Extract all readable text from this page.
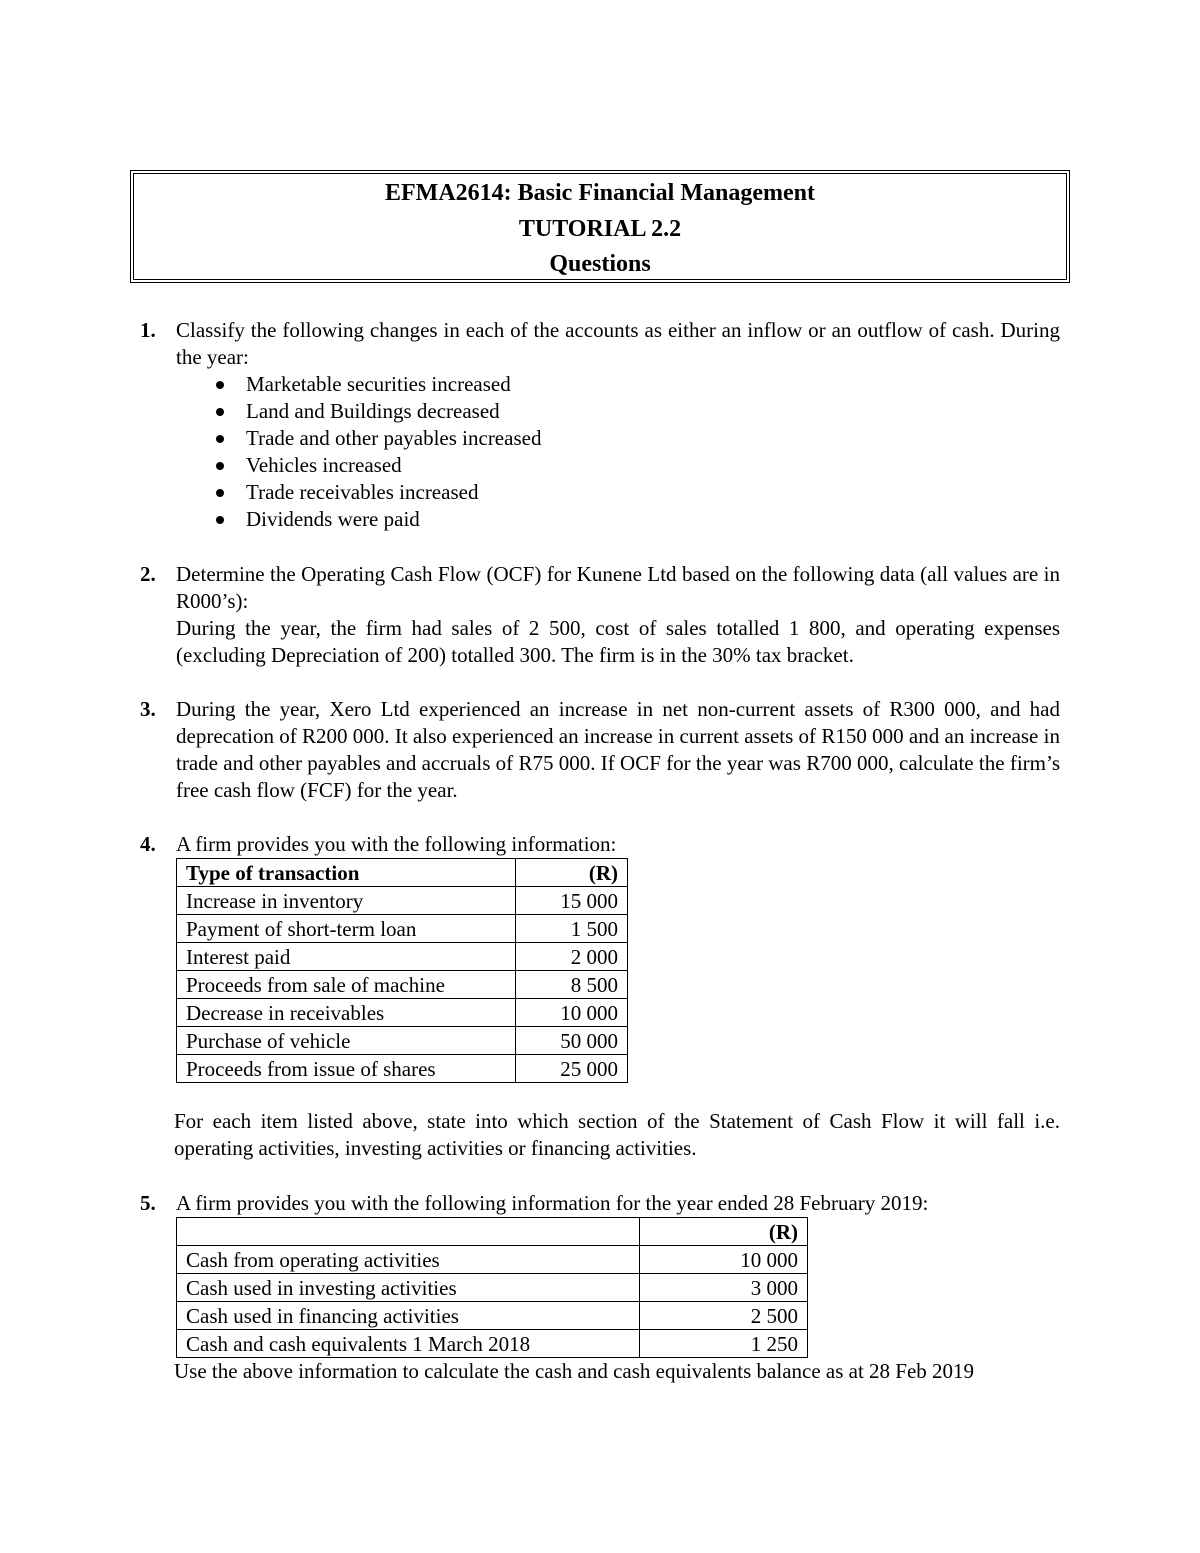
EFMA2614: Basic Financial Management
TUTORIAL 2.2
Questions
1. Classify the following changes in each of the accounts as either an inflow or an outflow of cash. During the year:

Marketable securities increased
Land and Buildings decreased
Trade and other payables increased
Vehicles increased
Trade receivables increased
Dividends were paid
2. Determine the Operating Cash Flow (OCF) for Kunene Ltd based on the following data (all values are in R000’s):

During the year, the firm had sales of 2 500, cost of sales totalled 1 800, and operating expenses (excluding Depreciation of 200) totalled 300. The firm is in the 30% tax bracket.

3. During the year, Xero Ltd experienced an increase in net non-current assets of R300 000, and had deprecation of R200 000. It also experienced an increase in current assets of R150 000 and an increase in trade and other payables and accruals of R75 000. If OCF for the year was R700 000, calculate the firm’s free cash flow (FCF) for the year.

4. A firm provides you with the following information:

Type of transaction	(R)
Increase in inventory	15 000
Payment of short-term loan	1 500
Interest paid	2 000
Proceeds from sale of machine	8 500
Decrease in receivables	10 000
Purchase of vehicle	50 000
Proceeds from issue of shares	25 000
For each item listed above, state into which section of the Statement of Cash Flow it will fall i.e. operating activities, investing activities or financing activities.
5. A firm provides you with the following information for the year ended 28 February 2019:

	(R)
Cash from operating activities	10 000
Cash used in investing activities	3 000
Cash used in financing activities	2 500
Cash and cash equivalents 1 March 2018	1 250

Use the above information to calculate the cash and cash equivalents balance as at 28 Feb 2019
